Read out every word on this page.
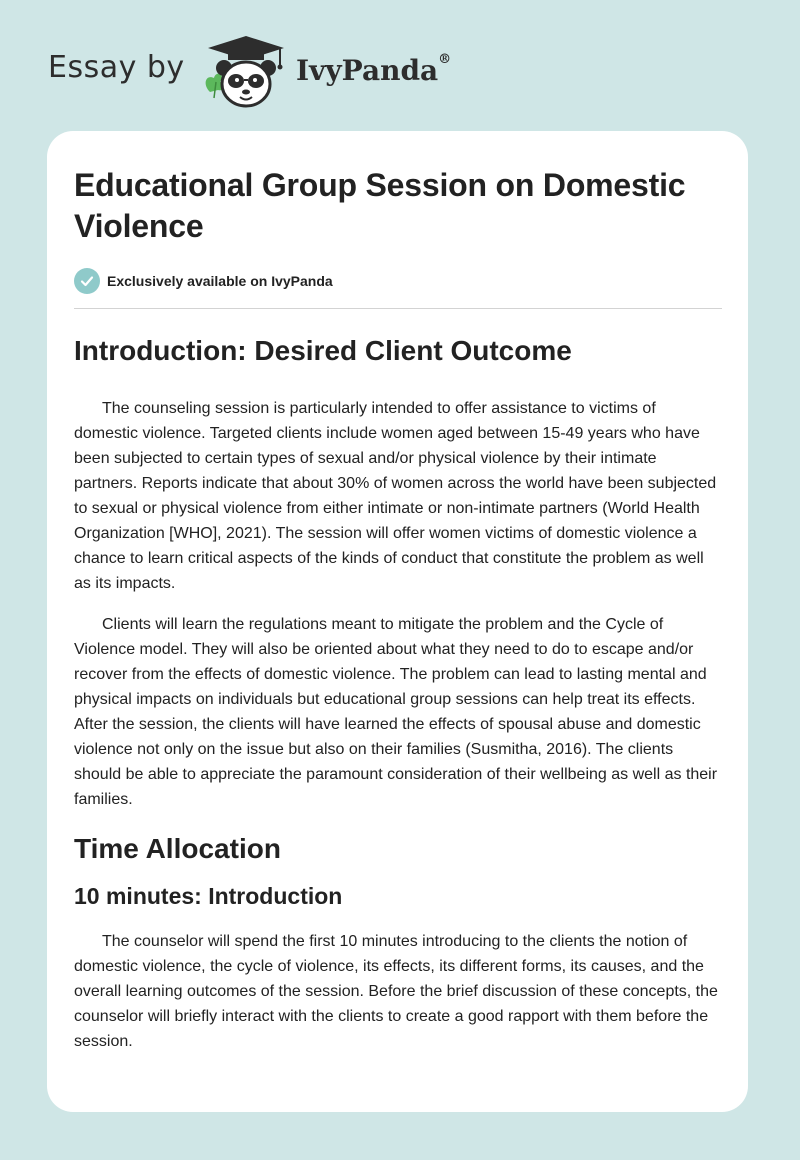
Essay by	IvyPanda®
Educational Group Session on Domestic Violence
Exclusively available on IvyPanda
Introduction: Desired Client Outcome

The counseling session is particularly intended to offer assistance to victims of domestic violence. Targeted clients include women aged between 15-49 years who have been subjected to certain types of sexual and/or physical violence by their intimate partners. Reports indicate that about 30% of women across the world have been subjected to sexual or physical violence from either intimate or non-intimate partners (World Health Organization [WHO], 2021). The session will offer women victims of domestic violence a chance to learn critical aspects of the kinds of conduct that constitute the problem as well as its impacts.

Clients will learn the regulations meant to mitigate the problem and the Cycle of Violence model. They will also be oriented about what they need to do to escape and/or recover from the effects of domestic violence. The problem can lead to lasting mental and physical impacts on individuals but educational group sessions can help treat its effects. After the session, the clients will have learned the effects of spousal abuse and domestic violence not only on the issue but also on their families (Susmitha, 2016). The clients should be able to appreciate the paramount consideration of their wellbeing as well as their families.

Time Allocation
10 minutes: Introduction

The counselor will spend the first 10 minutes introducing to the clients the notion of domestic violence, the cycle of violence, its effects, its different forms, its causes, and the overall learning outcomes of the session. Before the brief discussion of these concepts, the counselor will briefly interact with the clients to create a good rapport with them before the session.
